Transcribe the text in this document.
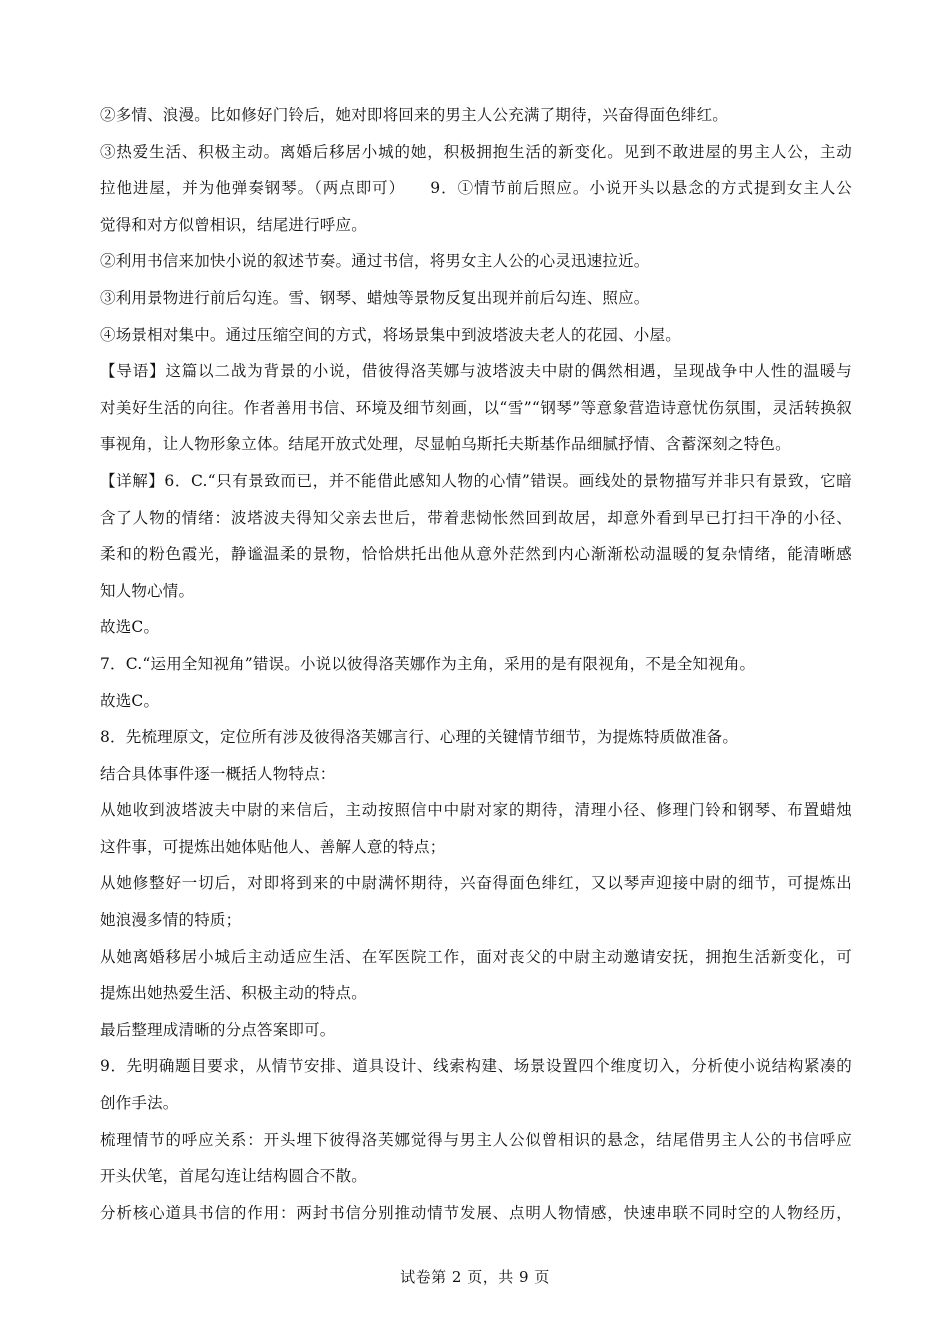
②多情、浪漫。比如修好门铃后，她对即将回来的男主人公充满了期待，兴奋得面色绯红。
③热爱生活、积极主动。离婚后移居小城的她，积极拥抱生活的新变化。见到不敢进屋的男主人公，主动
拉他进屋，并为他弹奏钢琴。（两点即可）　　9．①情节前后照应。小说开头以悬念的方式提到女主人公
觉得和对方似曾相识，结尾进行呼应。
②利用书信来加快小说的叙述节奏。通过书信，将男女主人公的心灵迅速拉近。
③利用景物进行前后勾连。雪、钢琴、蜡烛等景物反复出现并前后勾连、照应。
④场景相对集中。通过压缩空间的方式，将场景集中到波塔波夫老人的花园、小屋。
【导语】这篇以二战为背景的小说，借彼得洛芙娜与波塔波夫中尉的偶然相遇，呈现战争中人性的温暖与
对美好生活的向往。作者善用书信、环境及细节刻画，以“雪”“钢琴”等意象营造诗意忧伤氛围，灵活转换叙
事视角，让人物形象立体。结尾开放式处理，尽显帕乌斯托夫斯基作品细腻抒情、含蓄深刻之特色。
【详解】6．C.“只有景致而已，并不能借此感知人物的心情”错误。画线处的景物描写并非只有景致，它暗
含了人物的情绪：波塔波夫得知父亲去世后，带着悲恸怅然回到故居，却意外看到早已打扫干净的小径、
柔和的粉色霞光，静谧温柔的景物，恰恰烘托出他从意外茫然到内心渐渐松动温暖的复杂情绪，能清晰感
知人物心情。
故选C。
7．C.“运用全知视角”错误。小说以彼得洛芙娜作为主角，采用的是有限视角，不是全知视角。
故选C。
8．先梳理原文，定位所有涉及彼得洛芙娜言行、心理的关键情节细节，为提炼特质做准备。
结合具体事件逐一概括人物特点：
从她收到波塔波夫中尉的来信后，主动按照信中中尉对家的期待，清理小径、修理门铃和钢琴、布置蜡烛
这件事，可提炼出她体贴他人、善解人意的特点；
从她修整好一切后，对即将到来的中尉满怀期待，兴奋得面色绯红，又以琴声迎接中尉的细节，可提炼出
她浪漫多情的特质；
从她离婚移居小城后主动适应生活、在军医院工作，面对丧父的中尉主动邀请安抚，拥抱生活新变化，可
提炼出她热爱生活、积极主动的特点。
最后整理成清晰的分点答案即可。
9．先明确题目要求，从情节安排、道具设计、线索构建、场景设置四个维度切入，分析使小说结构紧凑的
创作手法。
梳理情节的呼应关系：开头埋下彼得洛芙娜觉得与男主人公似曾相识的悬念，结尾借男主人公的书信呼应
开头伏笔，首尾勾连让结构圆合不散。
分析核心道具书信的作用：两封书信分别推动情节发展、点明人物情感，快速串联不同时空的人物经历，
试卷第 2 页，共 9 页
